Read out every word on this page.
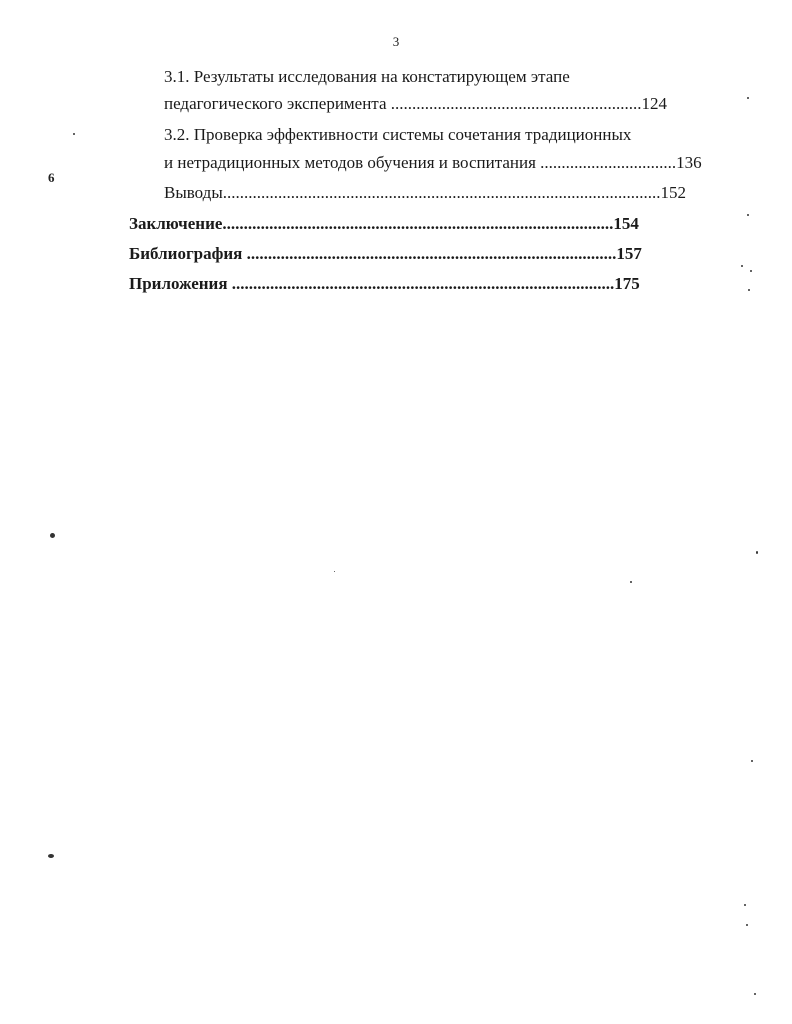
3
3.1. Результаты исследования на констатирующем этапе
педагогического эксперимента ...........................................................124
3.2. Проверка эффективности системы сочетания традиционных
и нетрадиционных методов обучения и воспитания ................................136
Выводы.......................................................................................................152
Заключение............................................................................................154
Библиография .......................................................................................157
Приложения ..........................................................................................175
6
